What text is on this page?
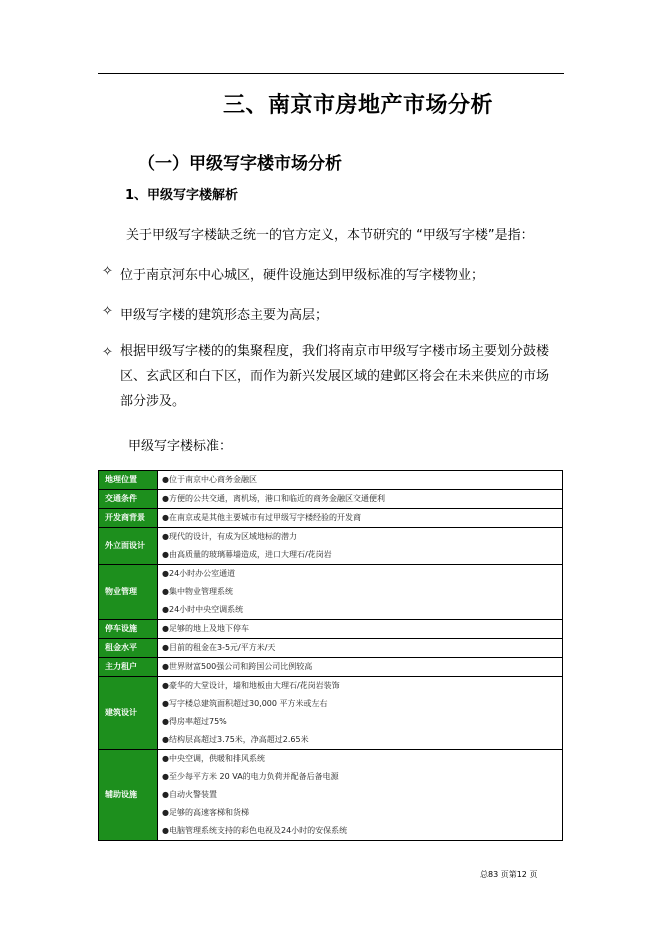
三、南京市房地产市场分析
（一）甲级写字楼市场分析
1、甲级写字楼解析
关于甲级写字楼缺乏统一的官方定义，本节研究的 “甲级写字楼”是指：
✧ 位于南京河东中心城区，硬件设施达到甲级标准的写字楼物业；
✧ 甲级写字楼的建筑形态主要为高层；
✧ 根据甲级写字楼的的集聚程度，我们将南京市甲级写字楼市场主要划分鼓楼
区、玄武区和白下区，而作为新兴发展区域的建邺区将会在未来供应的市场
部分涉及。
甲级写字楼标准：
地理位置	●位于南京中心商务金融区

交通条件	●方便的公共交通，离机场，港口和临近的商务金融区交通便利

开发商背景	●在南京或是其他主要城市有过甲级写字楼经验的开发商

外立面设计	●现代的设计，有成为区域地标的潜力
●由高质量的玻璃幕墙造成，进口大理石/花岗岩

物业管理	●24小时办公室通道
●集中物业管理系统
●24小时中央空调系统

停车设施	●足够的地上及地下停车

租金水平	●目前的租金在3-5元/平方米/天

主力租户	●世界财富500强公司和跨国公司比例较高

建筑设计	●豪华的大堂设计，墙和地板由大理石/花岗岩装饰
●写字楼总建筑面积超过30,000 平方米或左右
●得房率超过75%
●结构层高超过3.75米，净高超过2.65米

辅助设施	●中央空调，供暖和排风系统
●至少每平方米 20 VA的电力负荷并配备后备电源
●自动火警装置
●足够的高速客梯和货梯
●电脑管理系统支持的彩色电视及24小时的安保系统
总83 页第12 页
